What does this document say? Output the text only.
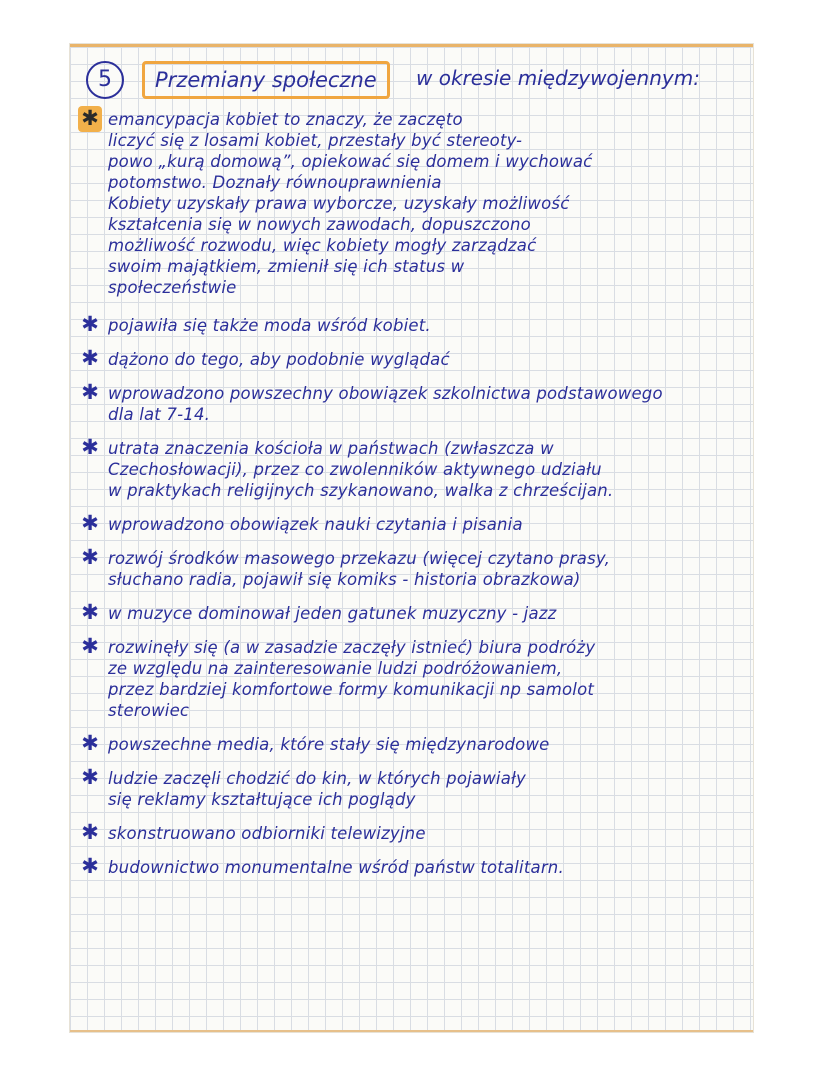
5	Przemiany społeczne	w okresie międzywojennym:
✱ emancypacja kobiet to znaczy, że zaczęto
liczyć się z losami kobiet, przestały być stereoty-
powo „kurą domową”, opiekować się domem i wychować
potomstwo. Doznały równouprawnienia
Kobiety uzyskały prawa wyborcze, uzyskały możliwość
kształcenia się w nowych zawodach, dopuszczono
możliwość rozwodu, więc kobiety mogły zarządzać
swoim majątkiem, zmienił się ich status w
społeczeństwie
✱ pojawiła się także moda wśród kobiet.
✱ dążono do tego, aby podobnie wyglądać
✱ wprowadzono powszechny obowiązek szkolnictwa podstawowego
dla lat 7-14.
✱ utrata znaczenia kościoła w państwach (zwłaszcza w
Czechosłowacji), przez co zwolenników aktywnego udziału
w praktykach religijnych szykanowano, walka z chrześcijan.
✱ wprowadzono obowiązek nauki czytania i pisania
✱ rozwój środków masowego przekazu (więcej czytano prasy,
słuchano radia, pojawił się komiks - historia obrazkowa)
✱ w muzyce dominował jeden gatunek muzyczny - jazz
✱ rozwinęły się (a w zasadzie zaczęły istnieć) biura podróży
ze względu na zainteresowanie ludzi podróżowaniem,
przez bardziej komfortowe formy komunikacji np samolot
sterowiec
✱ powszechne media, które stały się międzynarodowe
✱ ludzie zaczęli chodzić do kin, w których pojawiały
się reklamy kształtujące ich poglądy
✱ skonstruowano odbiorniki telewizyjne
✱ budownictwo monumentalne wśród państw totalitarn.
